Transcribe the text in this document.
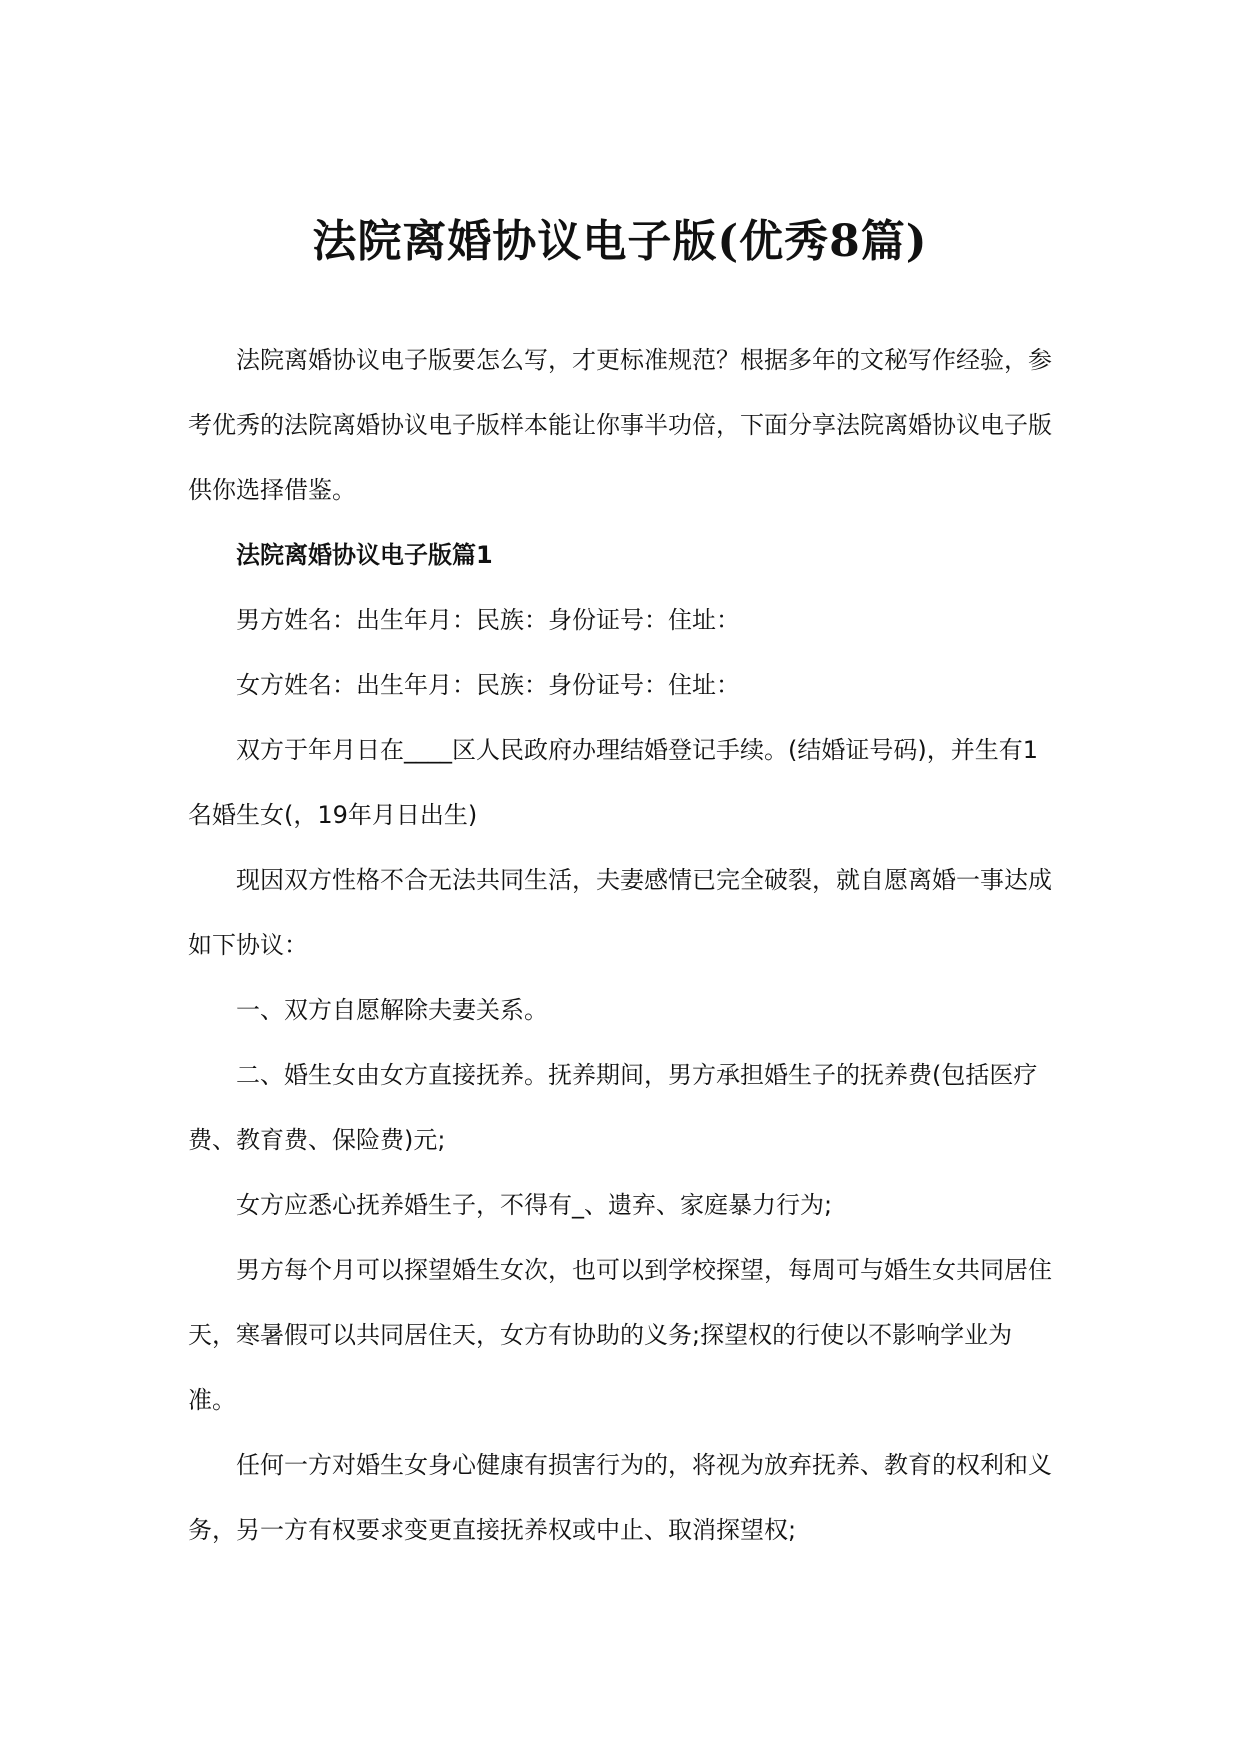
法院离婚协议电子版(优秀8篇)

法院离婚协议电子版要怎么写，才更标准规范？根据多年的文秘写作经验，参考优秀的法院离婚协议电子版样本能让你事半功倍，下面分享法院离婚协议电子版供你选择借鉴。

法院离婚协议电子版篇1

男方姓名：出生年月：民族：身份证号：住址：

女方姓名：出生年月：民族：身份证号：住址：

双方于年月日在____区人民政府办理结婚登记手续。(结婚证号码)，并生有1名婚生女(，19年月日出生)

现因双方性格不合无法共同生活，夫妻感情已完全破裂，就自愿离婚一事达成如下协议：

一、双方自愿解除夫妻关系。

二、婚生女由女方直接抚养。抚养期间，男方承担婚生子的抚养费(包括医疗费、教育费、保险费)元;

女方应悉心抚养婚生子，不得有_、遗弃、家庭暴力行为;

男方每个月可以探望婚生女次，也可以到学校探望，每周可与婚生女共同居住天，寒暑假可以共同居住天，女方有协助的义务;探望权的行使以不影响学业为准。

任何一方对婚生女身心健康有损害行为的，将视为放弃抚养、教育的权利和义务，另一方有权要求变更直接抚养权或中止、取消探望权;
